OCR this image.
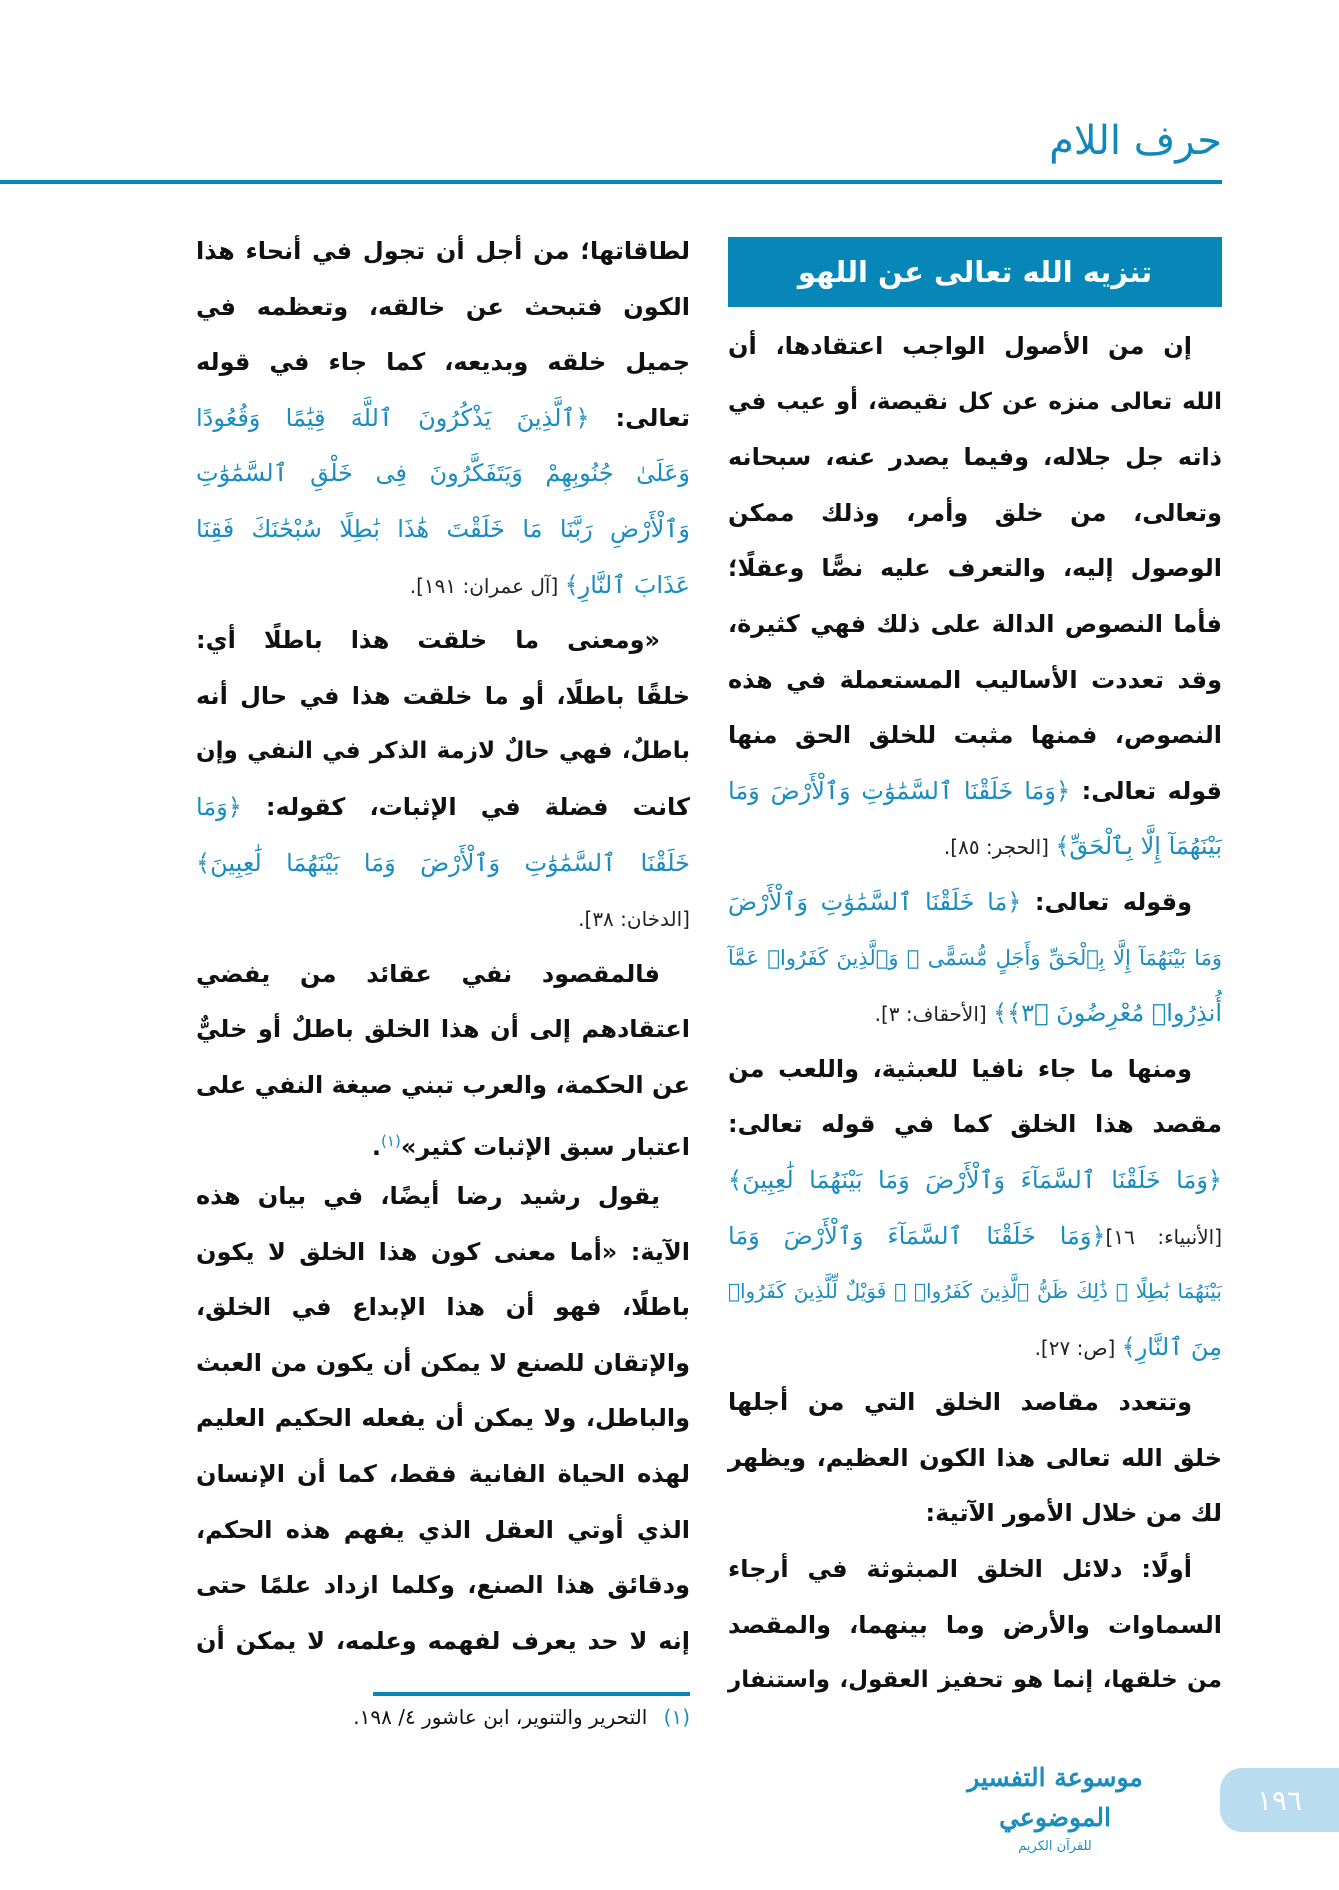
حرف اللام
تنزيه الله تعالى عن اللهو
إن من الأصول الواجب اعتقادها، أن
الله تعالى منزه عن كل نقيصة، أو عيب في
ذاته جل جلاله، وفيما يصدر عنه، سبحانه
وتعالى، من خلق وأمر، وذلك ممكن
الوصول إليه، والتعرف عليه نصًّا وعقلًا؛
فأما النصوص الدالة على ذلك فهي كثيرة،
وقد تعددت الأساليب المستعملة في هذه
النصوص، فمنها مثبت للخلق الحق منها
قوله تعالى: ﴿وَمَا خَلَقْنَا ٱلسَّمَٰوَٰتِ وَٱلْأَرْضَ وَمَا
بَيْنَهُمَآ إِلَّا بِٱلْحَقِّ﴾ [الحجر: ٨٥].
وقوله تعالى: ﴿مَا خَلَقْنَا ٱلسَّمَٰوَٰتِ وَٱلْأَرْضَ
وَمَا بَيْنَهُمَآ إِلَّا بِٱلْحَقِّ وَأَجَلٍ مُّسَمًّى ۚ وَٱلَّذِينَ كَفَرُوا۟ عَمَّآ
أُنذِرُوا۟ مُعْرِضُونَ ﴿٣﴾﴾ [الأحقاف: ٣].
ومنها ما جاء نافيا للعبثية، واللعب من
مقصد هذا الخلق كما في قوله تعالى:
﴿وَمَا خَلَقْنَا ٱلسَّمَآءَ وَٱلْأَرْضَ وَمَا بَيْنَهُمَا لَٰعِبِينَ﴾
[الأنبياء: ١٦]﴿وَمَا خَلَقْنَا ٱلسَّمَآءَ وَٱلْأَرْضَ وَمَا
بَيْنَهُمَا بَٰطِلًا ۚ ذَٰلِكَ ظَنُّ ٱلَّذِينَ كَفَرُوا۟ ۚ فَوَيْلٌ لِّلَّذِينَ كَفَرُوا۟
مِنَ ٱلنَّارِ﴾ [ص: ٢٧].
وتتعدد مقاصد الخلق التي من أجلها
خلق الله تعالى هذا الكون العظيم، ويظهر
لك من خلال الأمور الآتية:
أولًا: دلائل الخلق المبثوثة في أرجاء
السماوات والأرض وما بينهما، والمقصد
من خلقها، إنما هو تحفيز العقول، واستنفار
لطاقاتها؛ من أجل أن تجول في أنحاء هذا
الكون فتبحث عن خالقه، وتعظمه في
جميل خلقه وبديعه، كما جاء في قوله
تعالى: ﴿ٱلَّذِينَ يَذْكُرُونَ ٱللَّهَ قِيَٰمًا وَقُعُودًا
وَعَلَىٰ جُنُوبِهِمْ وَيَتَفَكَّرُونَ فِى خَلْقِ ٱلسَّمَٰوَٰتِ
وَٱلْأَرْضِ رَبَّنَا مَا خَلَقْتَ هَٰذَا بَٰطِلًا سُبْحَٰنَكَ فَقِنَا
عَذَابَ ٱلنَّارِ﴾ [آل عمران: ١٩١].
«ومعنى ما خلقت هذا باطلًا أي:
خلقًا باطلًا، أو ما خلقت هذا في حال أنه
باطلٌ، فهي حالٌ لازمة الذكر في النفي وإن
كانت فضلة في الإثبات، كقوله: ﴿وَمَا
خَلَقْنَا ٱلسَّمَٰوَٰتِ وَٱلْأَرْضَ وَمَا بَيْنَهُمَا لَٰعِبِينَ﴾
[الدخان: ٣٨].
فالمقصود نفي عقائد من يفضي
اعتقادهم إلى أن هذا الخلق باطلٌ أو خليٌّ
عن الحكمة، والعرب تبني صيغة النفي على
اعتبار سبق الإثبات كثير»$^{(١)}$.
يقول رشيد رضا أيضًا، في بيان هذه
الآية: «أما معنى كون هذا الخلق لا يكون
باطلًا، فهو أن هذا الإبداع في الخلق،
والإتقان للصنع لا يمكن أن يكون من العبث
والباطل، ولا يمكن أن يفعله الحكيم العليم
لهذه الحياة الفانية فقط، كما أن الإنسان
الذي أوتي العقل الذي يفهم هذه الحكم،
ودقائق هذا الصنع، وكلما ازداد علمًا حتى
إنه لا حد يعرف لفهمه وعلمه، لا يمكن أن
(١) التحرير والتنوير، ابن عاشور ٤/ ١٩٨.
موسوعة التفسير الموضوعي
للقرآن الكريم
١٩٦
